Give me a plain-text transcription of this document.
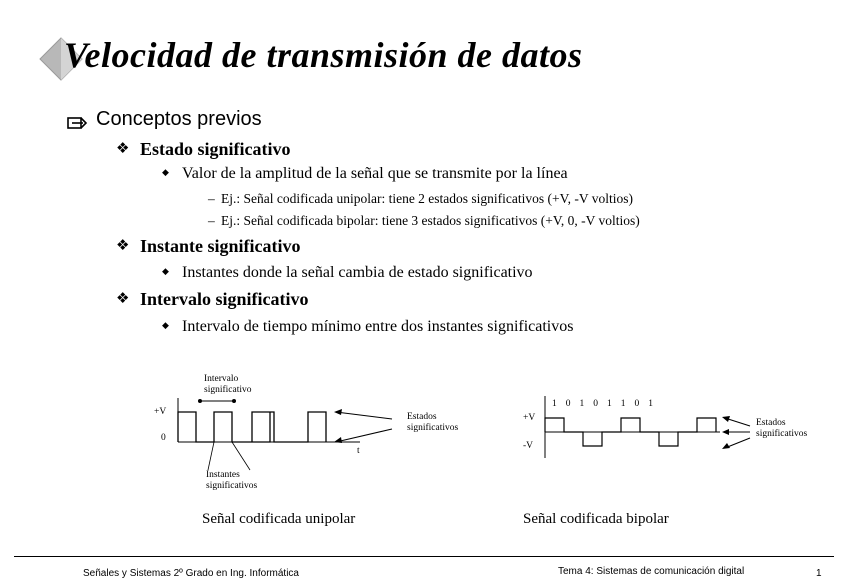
Velocidad de transmisión de datos
Conceptos previos
❖ Estado significativo
◆ Valor de la amplitud de la señal que se transmite por la línea
– Ej.: Señal codificada unipolar: tiene 2 estados significativos (+V, -V voltios)
– Ej.: Señal codificada bipolar: tiene 3 estados significativos (+V, 0, -V voltios)
❖ Instante significativo
◆ Instantes donde la señal cambia de estado significativo
❖ Intervalo significativo
◆ Intervalo de tiempo mínimo entre dos instantes significativos
Intervalo
significativo
+V
0
t
Estados
significativos
Instantes
significativos
Señal codificada unipolar
1 0 1 0 1 1 0 1
+V
-V
Estados
significativos
Señal codificada bipolar
Señales y Sistemas 2º Grado en Ing. Informática	Tema 4: Sistemas de comunicación digital	1
